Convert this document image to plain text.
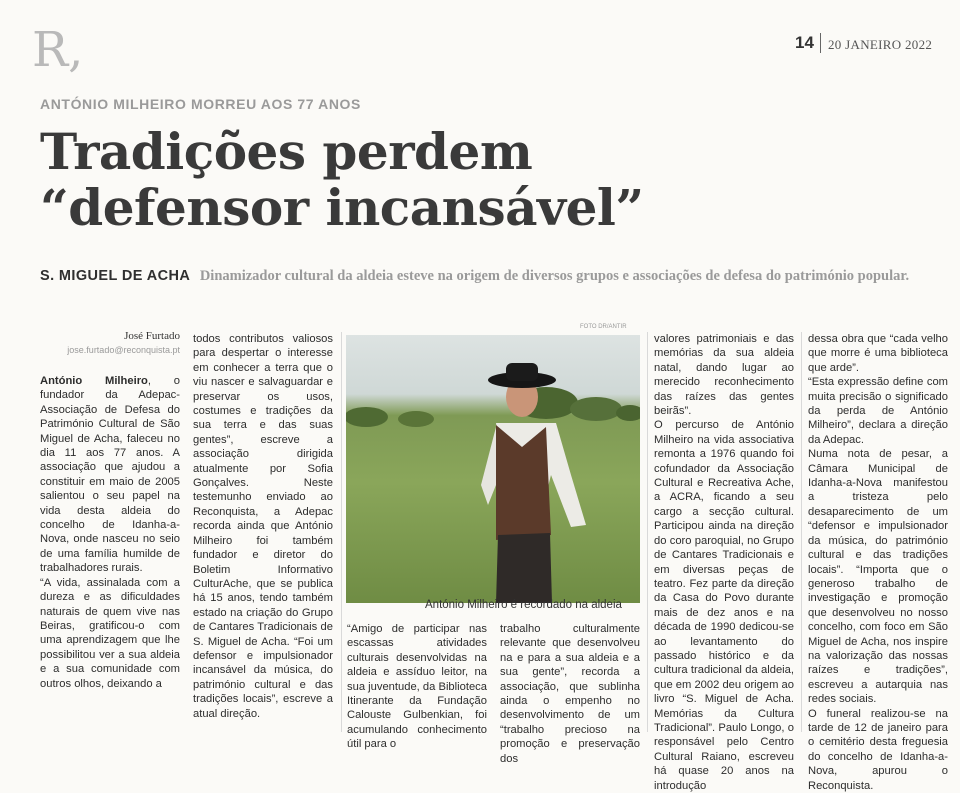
R,	14 20 JANEIRO 2022
ANTÓNIO MILHEIRO MORREU AOS 77 ANOS
Tradições perdem
“defensor incansável”
S. MIGUEL DE ACHA Dinamizador cultural da aldeia esteve na origem de diversos grupos e associações de defesa do património popular.
José Furtado
jose.furtado@reconquista.pt

António Milheiro, o fundador da Adepac- Associação de Defesa do Património Cultural de São Miguel de Acha, faleceu no dia 11 aos 77 anos. A associação que ajudou a constituir em maio de 2005 salientou o seu papel na vida desta aldeia do concelho de Idanha-a-Nova, onde nasceu no seio de uma família humilde de trabalhadores rurais.

“A vida, assinalada com a dureza e as dificuldades naturais de quem vive nas Beiras, gratificou-o com uma aprendizagem que lhe possibilitou ver a sua aldeia e a sua comunidade com outros olhos, deixando a

todos contributos valiosos para despertar o interesse em conhecer a terra que o viu nascer e salvaguardar e preservar os usos, costumes e tradições da sua terra e das suas gentes”, escreve a associação dirigida atualmente por Sofia Gonçalves. Neste testemunho enviado ao Reconquista, a Adepac recorda ainda que António Milheiro foi também fundador e diretor do Boletim Informativo CulturAche, que se publica há 15 anos, tendo também estado na criação do Grupo de Cantares Tradicionais de S. Miguel de Acha. “Foi um defensor e impulsionador incansável da música, do património cultural e das tradições locais”, escreve a atual direção.

FOTO DR/ANTIR
António Milheiro é recordado na aldeia

“Amigo de participar nas escassas atividades culturais desenvolvidas na aldeia e assíduo leitor, na sua juventude, da Biblioteca Itinerante da Fundação Calouste Gulbenkian, foi acumulando conhecimento útil para o

trabalho culturalmente relevante que desenvolveu na e para a sua aldeia e a sua gente”, recorda a associação, que sublinha ainda o empenho no desenvolvimento de um “trabalho precioso na promoção e preservação dos

valores patrimoniais e das memórias da sua aldeia natal, dando lugar ao merecido reconhecimento das raízes das gentes beirãs”.

O percurso de António Milheiro na vida associativa remonta a 1976 quando foi cofundador da Associação Cultural e Recreativa Ache, a ACRA, ficando a seu cargo a secção cultural. Participou ainda na direção do coro paroquial, no Grupo de Cantares Tradicionais e em diversas peças de teatro. Fez parte da direção da Casa do Povo durante mais de dez anos e na década de 1990 dedicou-se ao levantamento do passado histórico e da cultura tradicional da aldeia, que em 2002 deu origem ao livro “S. Miguel de Acha. Memórias da Cultura Tradicional”. Paulo Longo, o responsável pelo Centro Cultural Raiano, escreveu há quase 20 anos na introdução

dessa obra que “cada velho que morre é uma biblioteca que arde”.

“Esta expressão define com muita precisão o significado da perda de António Milheiro”, declara a direção da Adepac.

Numa nota de pesar, a Câmara Municipal de Idanha-a-Nova manifestou a tristeza pelo desaparecimento de um “defensor e impulsionador da música, do património cultural e das tradições locais”. “Importa que o generoso trabalho de investigação e promoção que desenvolveu no nosso concelho, com foco em São Miguel de Acha, nos inspire na valorização das nossas raízes e tradições”, escreveu a autarquia nas redes sociais.

O funeral realizou-se na tarde de 12 de janeiro para o cemitério desta freguesia do concelho de Idanha-a-Nova, apurou o Reconquista.
